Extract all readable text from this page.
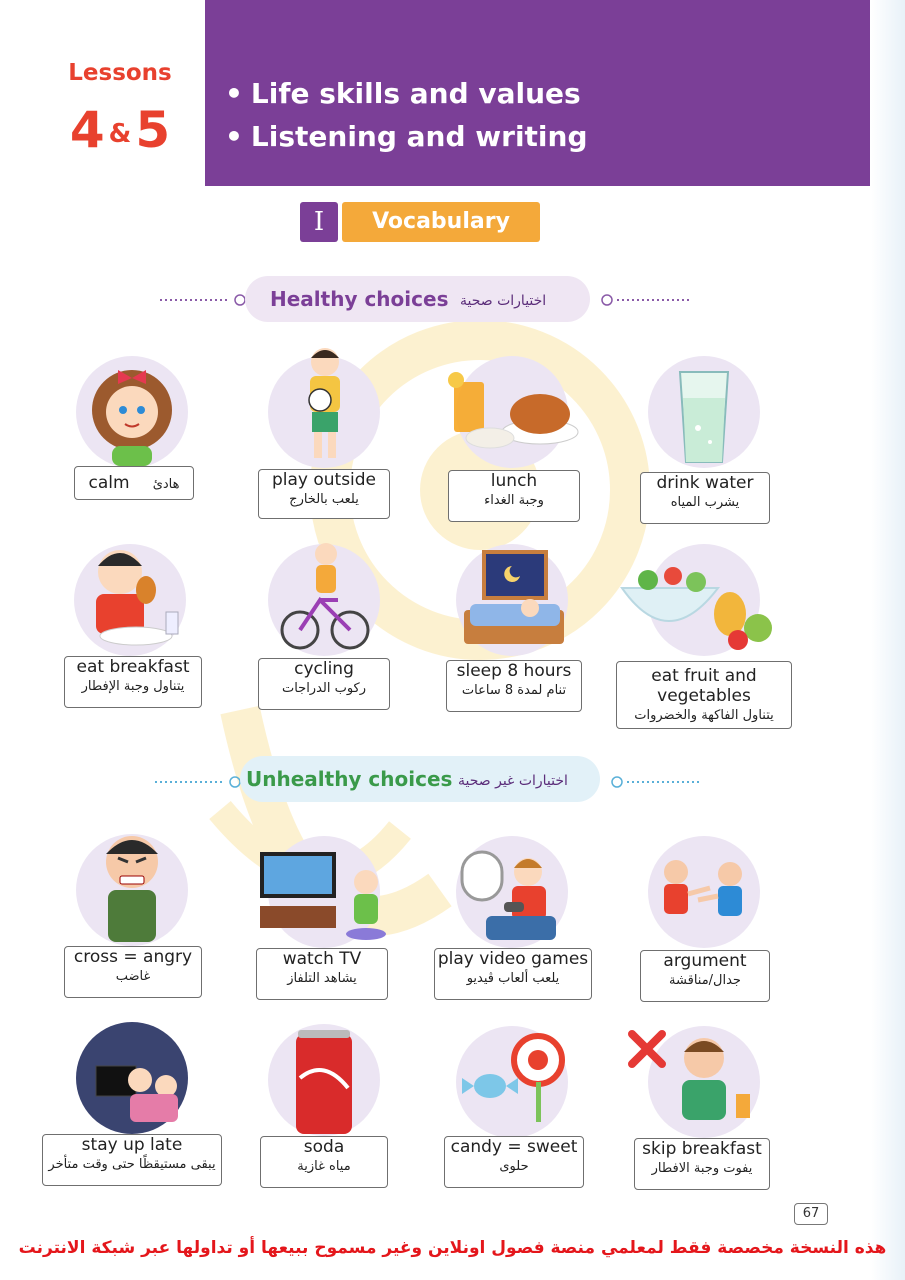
Lessons
4 &5
• Life skills and values
• Listening and writing
I	Vocabulary
Healthy choices اختيارات صحية
Unhealthy choices اختيارات غير صحية
calm هادئ	play outside
يلعب بالخارج
lunch
وجبة الغداء
drink water
يشرب المياه
eat breakfast
يتناول وجبة الإفطار
cycling
ركوب الدراجات
sleep 8 hours
تنام لمدة 8 ساعات
eat fruit and vegetables
يتناول الفاكهة والخضروات
cross = angry
غاضب
watch TV
يشاهد التلفاز
play video games
يلعب ألعاب ڤيديو
argument
جدال/مناقشة
stay up late
يبقى مستيقظًا حتى وقت متأخر
soda
مياه غازية
candy = sweet
حلوى
skip breakfast
يفوت وجبة الافطار
67
هذه النسخة مخصصة فقط لمعلمي منصة فصول اونلاين وغير مسموح ببيعها أو تداولها عبر شبكة الانترنت
